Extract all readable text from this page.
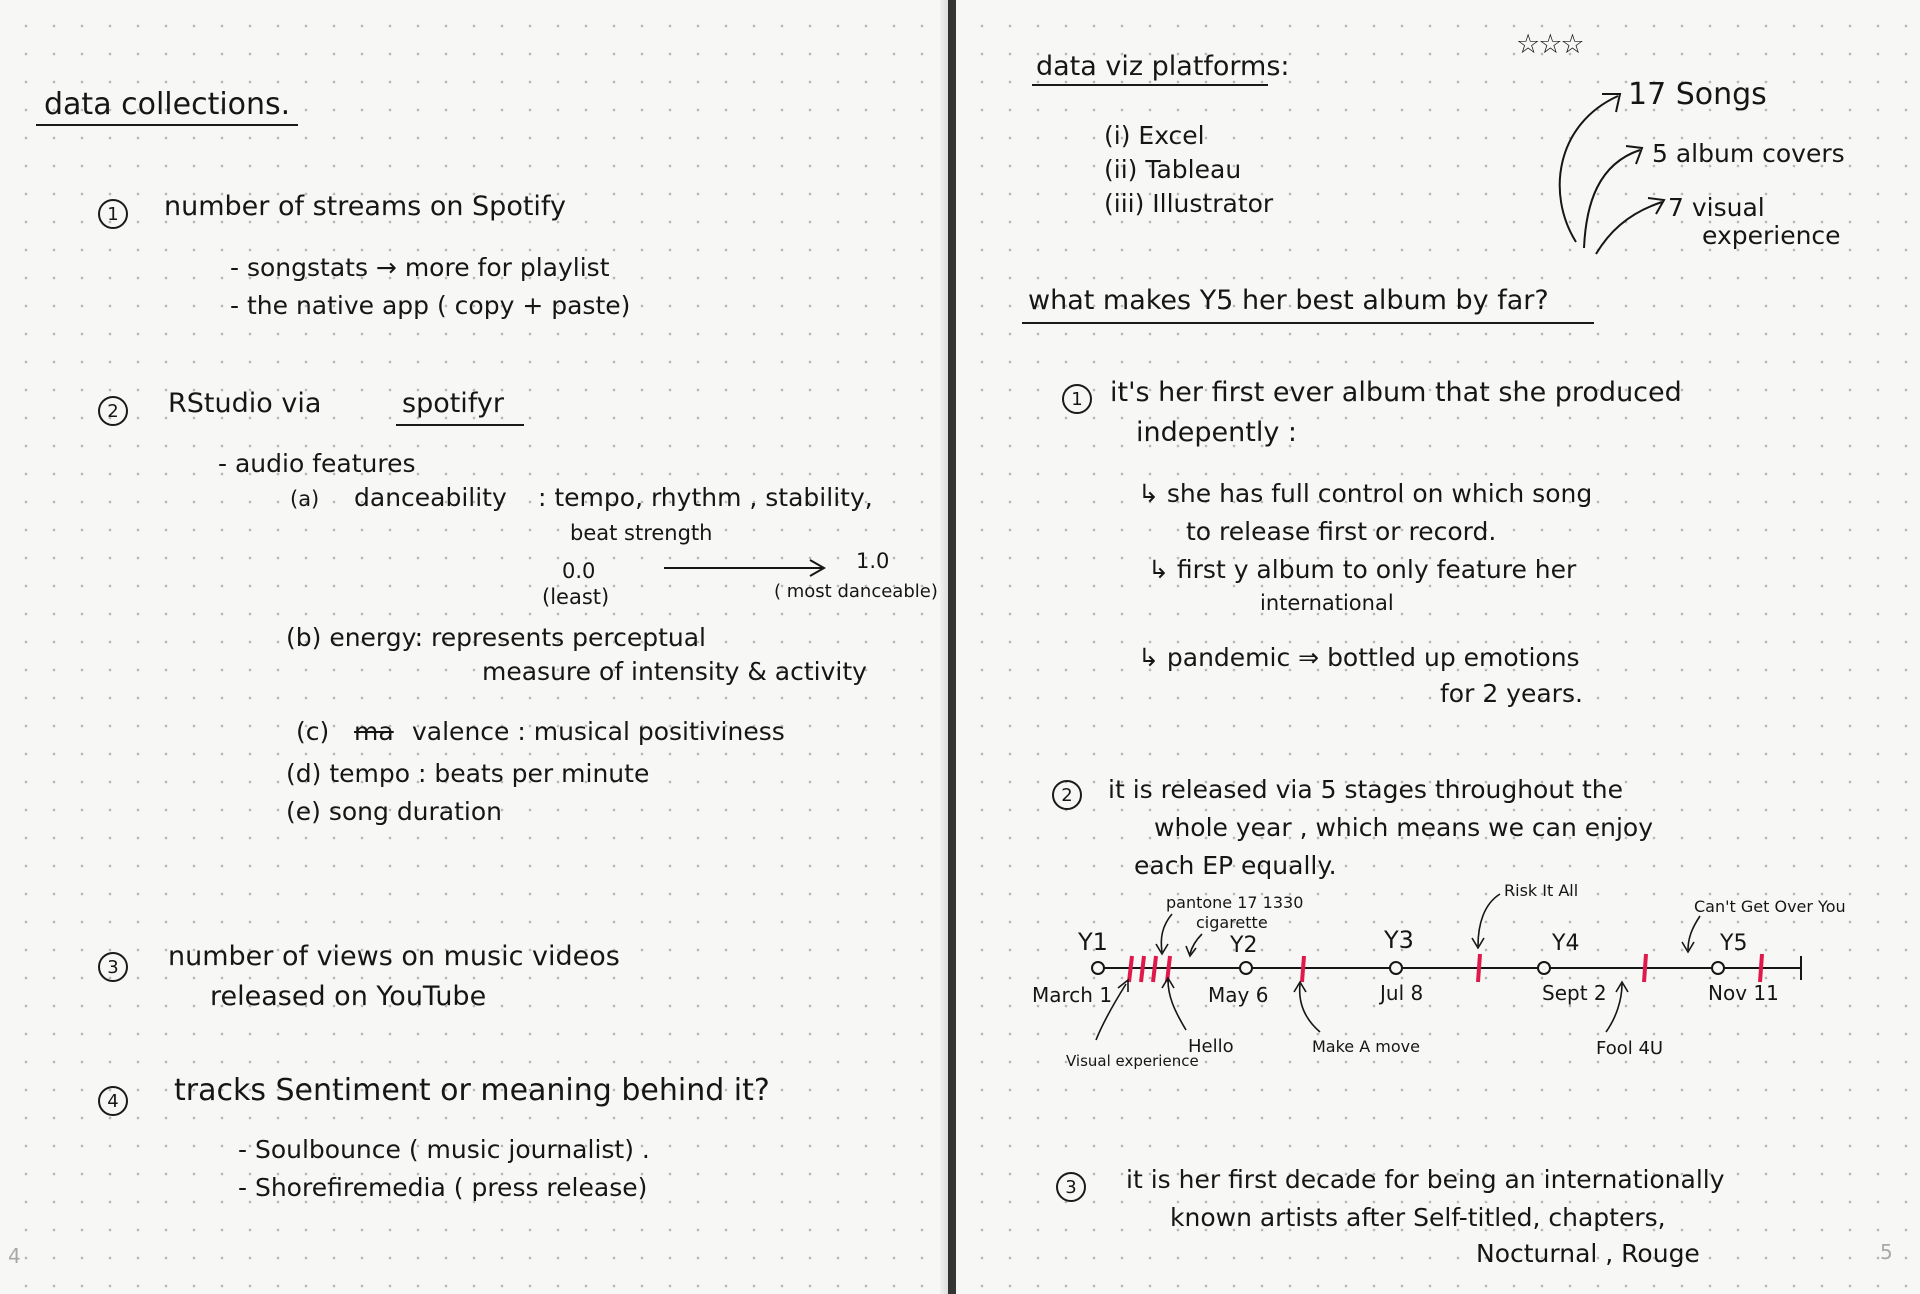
data collections.
1	number of streams on Spotify
- songstats → more for playlist
- the native app ( copy + paste)
2	RStudio via	spotifyr
- audio features
(a) danceability : tempo, rhythm , stability,
beat strength
0.0
(least)
1.0
( most danceable)
(b) energy: represents perceptual
measure of intensity & activity
(c) ma valence : musical positiviness
(d) tempo : beats per minute
(e) song duration
3	number of views on music videos
released on YouTube
4	tracks Sentiment or meaning behind it?
- Soulbounce ( music journalist) .
- Shorefiremedia ( press release)
4
data viz platforms:
(i) Excel
(ii) Tableau
(iii) Illustrator
☆☆☆
17 Songs
5 album covers
7 visual
experience
what makes Y5 her best album by far?
1	it's her first ever album that she produced
indepently :
↳ she has full control on which song
to release first or record.
↳ first y album to only feature her
international
↳ pandemic ⇒ bottled up emotions
for 2 years.
2	it is released via 5 stages throughout the
whole year , which means we can enjoy
each EP equally.
Y1	Y2	Y3	Y4	Y5
March 1	May 6	Jul 8	Sept 2	Nov 11
pantone 17 1330
cigarette
Hello
Visual experience
Make A move
Risk It All
Fool 4U
Can't Get Over You
3	it is her first decade for being an internationally
known artists after Self-titled, chapters,
Nocturnal , Rouge	5
